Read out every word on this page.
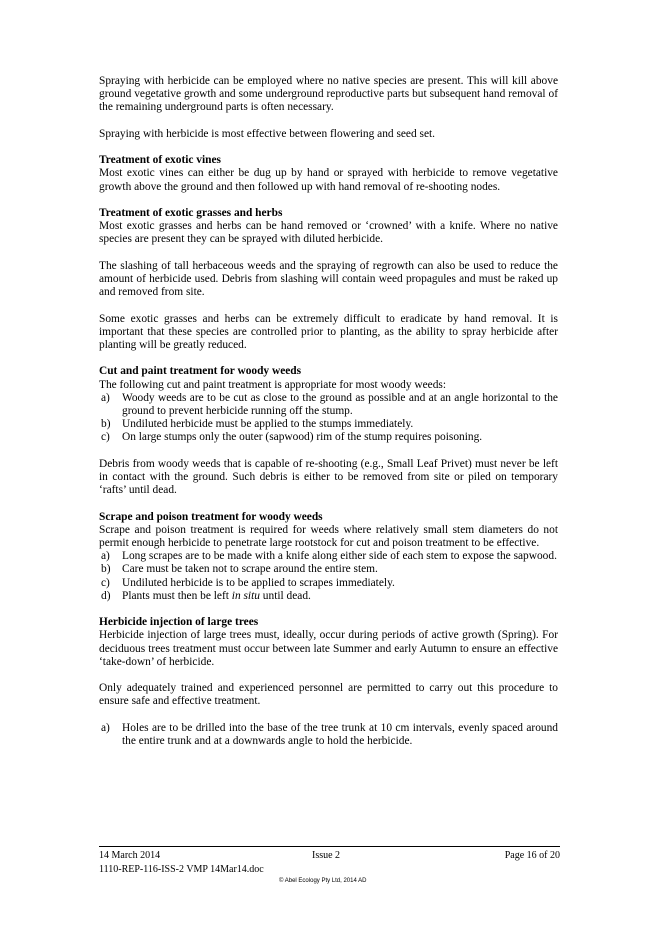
Spraying with herbicide can be employed where no native species are present. This will kill above ground vegetative growth and some underground reproductive parts but subsequent hand removal of the remaining underground parts is often necessary.

Spraying with herbicide is most effective between flowering and seed set.

Treatment of exotic vines

Most exotic vines can either be dug up by hand or sprayed with herbicide to remove vegetative growth above the ground and then followed up with hand removal of re-shooting nodes.

Treatment of exotic grasses and herbs

Most exotic grasses and herbs can be hand removed or ‘crowned’ with a knife. Where no native species are present they can be sprayed with diluted herbicide.

The slashing of tall herbaceous weeds and the spraying of regrowth can also be used to reduce the amount of herbicide used. Debris from slashing will contain weed propagules and must be raked up and removed from site.

Some exotic grasses and herbs can be extremely difficult to eradicate by hand removal. It is important that these species are controlled prior to planting, as the ability to spray herbicide after planting will be greatly reduced.

Cut and paint treatment for woody weeds

The following cut and paint treatment is appropriate for most woody weeds:

a)	Woody weeds are to be cut as close to the ground as possible and at an angle horizontal to the ground to prevent herbicide running off the stump.
b)	Undiluted herbicide must be applied to the stumps immediately.
c)	On large stumps only the outer (sapwood) rim of the stump requires poisoning.

Debris from woody weeds that is capable of re-shooting (e.g., Small Leaf Privet) must never be left in contact with the ground. Such debris is either to be removed from site or piled on temporary ‘rafts’ until dead.

Scrape and poison treatment for woody weeds

Scrape and poison treatment is required for weeds where relatively small stem diameters do not permit enough herbicide to penetrate large rootstock for cut and poison treatment to be effective.

a)	Long scrapes are to be made with a knife along either side of each stem to expose the sapwood.
b)	Care must be taken not to scrape around the entire stem.
c)	Undiluted herbicide is to be applied to scrapes immediately.
d)	Plants must then be left in situ until dead.
Herbicide injection of large trees

Herbicide injection of large trees must, ideally, occur during periods of active growth (Spring). For deciduous trees treatment must occur between late Summer and early Autumn to ensure an effective ‘take-down’ of herbicide.

Only adequately trained and experienced personnel are permitted to carry out this procedure to ensure safe and effective treatment.

a)	Holes are to be drilled into the base of the tree trunk at 10 cm intervals, evenly spaced around the entire trunk and at a downwards angle to hold the herbicide.
14 March 2014	Issue 2	Page 16 of 20
1110-REP-116-ISS-2 VMP 14Mar14.doc
© Abel Ecology Pty Ltd, 2014 AD
